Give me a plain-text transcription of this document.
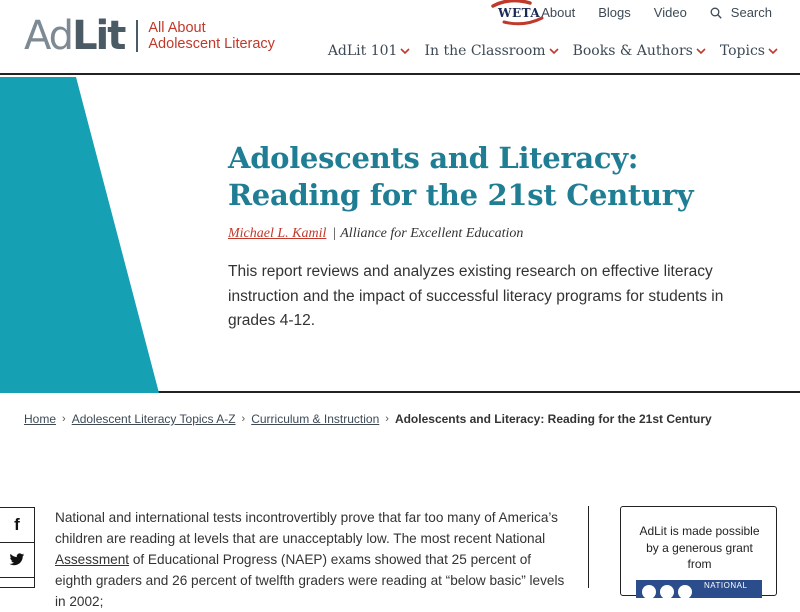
Ad Lit All About
Adolescent Literacy
WETA About Blogs Video	Search
AdLit 101 In the Classroom Books & Authors Topics
Adolescents and Literacy: Reading for the 21st Century
Michael L. Kamil | Alliance for Excellent Education

This report reviews and analyzes existing research on effective literacy instruction and the impact of successful literacy programs for students in grades 4-12.

Home › Adolescent Literacy Topics A-Z › Curriculum & Instruction › Adolescents and Literacy: Reading for the 21st Century
f	National and international tests incontrovertibly prove that far too many of America’s children are reading at levels that are unacceptably low. The most recent National Assessment of Educational Progress (NAEP) exams showed that 25 percent of eighth graders and 26 percent of twelfth graders were reading at “below basic” levels in 2002;

AdLit is made possible
by a generous grant
from
NATIONAL
